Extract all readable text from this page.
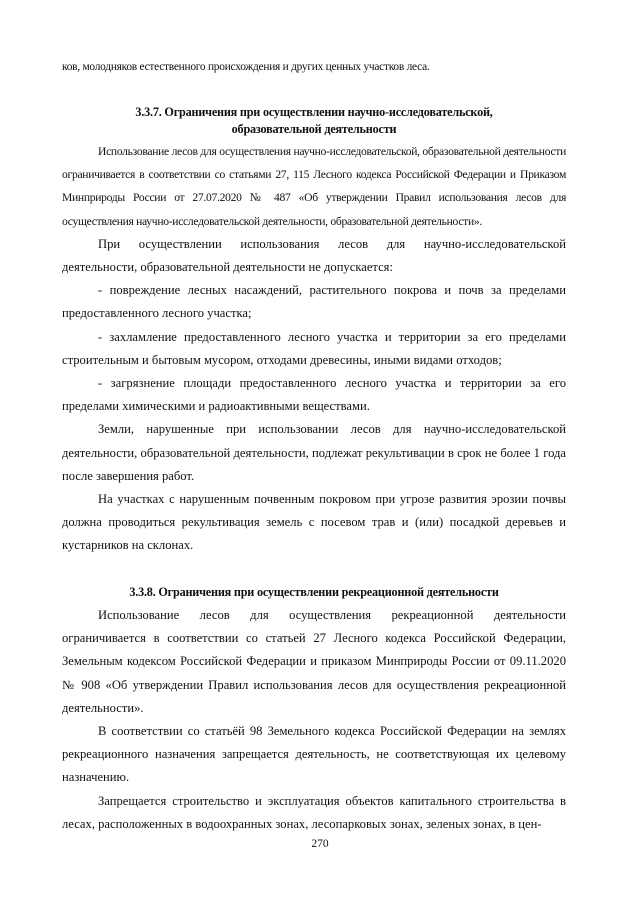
ков, молодняков естественного происхождения и других ценных участков леса.

3.3.7. Ограничения при осуществлении научно-исследовательской,

образовательной деятельности

Использование лесов для осуществления научно-исследовательской, образовательной деятельности ограничивается в соответствии со статьями 27, 115 Лесного кодекса Российской Федерации и Приказом Минприроды России от 27.07.2020 № 487 «Об утверждении Правил использования лесов для осуществления научно-исследовательской деятельности, образовательной деятельности».

При осуществлении использования лесов для научно-исследовательской деятельности, образовательной деятельности не допускается:

- повреждение лесных насаждений, растительного покрова и почв за пределами предоставленного лесного участка;

- захламление предоставленного лесного участка и территории за его пределами строительным и бытовым мусором, отходами древесины, иными видами отходов;

- загрязнение площади предоставленного лесного участка и территории за его пределами химическими и радиоактивными веществами.

Земли, нарушенные при использовании лесов для научно-исследовательской деятельности, образовательной деятельности, подлежат рекультивации в срок не более 1 года после завершения работ.

На участках с нарушенным почвенным покровом при угрозе развития эрозии почвы должна проводиться рекультивация земель с посевом трав и (или) посадкой деревьев и кустарников на склонах.

3.3.8. Ограничения при осуществлении рекреационной деятельности

Использование лесов для осуществления рекреационной деятельности ограничивается в соответствии со статьей 27 Лесного кодекса Российской Федерации, Земельным кодексом Российской Федерации и приказом Минприроды России от 09.11.2020 № 908 «Об утверждении Правил использования лесов для осуществления рекреационной деятельности».

В соответствии со статьёй 98 Земельного кодекса Российской Федерации на землях рекреационного назначения запрещается деятельность, не соответствующая их целевому назначению.

Запрещается строительство и эксплуатация объектов капитального строительства в лесах, расположенных в водоохранных зонах, лесопарковых зонах, зеленых зонах, в цен-

270
